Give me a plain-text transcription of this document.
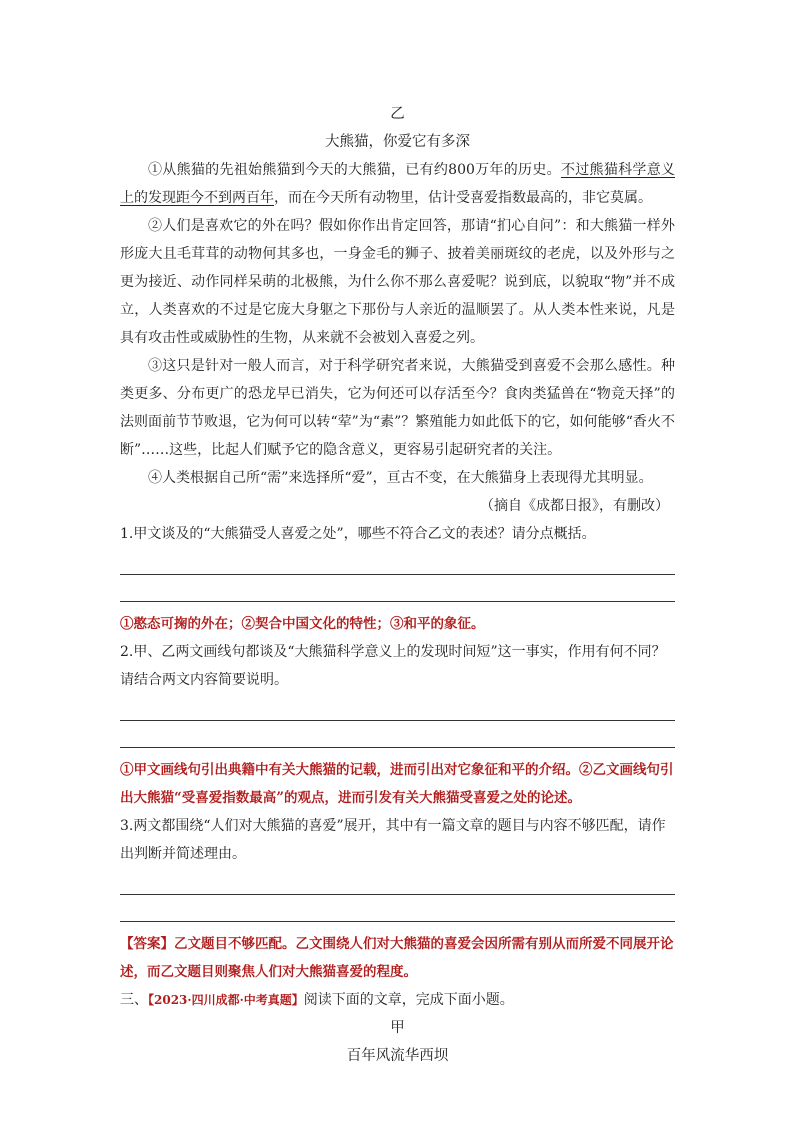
乙
大熊猫，你爱它有多深

①从熊猫的先祖始熊猫到今天的大熊猫，已有约800万年的历史。不过熊猫科学意义上的发现距今不到两百年，而在今天所有动物里，估计受喜爱指数最高的，非它莫属。

②人们是喜欢它的外在吗？假如你作出肯定回答，那请“扪心自问”：和大熊猫一样外形庞大且毛茸茸的动物何其多也，一身金毛的狮子、披着美丽斑纹的老虎，以及外形与之更为接近、动作同样呆萌的北极熊，为什么你不那么喜爱呢？说到底，以貌取“物”并不成立，人类喜欢的不过是它庞大身躯之下那份与人亲近的温顺罢了。从人类本性来说，凡是具有攻击性或威胁性的生物，从来就不会被划入喜爱之列。

③这只是针对一般人而言，对于科学研究者来说，大熊猫受到喜爱不会那么感性。种类更多、分布更广的恐龙早已消失，它为何还可以存活至今？食肉类猛兽在“物竞天择”的法则面前节节败退，它为何可以转“荤”为“素”？繁殖能力如此低下的它，如何能够“香火不断”……这些，比起人们赋予它的隐含意义，更容易引起研究者的关注。

④人类根据自己所“需”来选择所“爱”，亘古不变，在大熊猫身上表现得尤其明显。

（摘自《成都日报》，有删改）

1.甲文谈及的“大熊猫受人喜爱之处”，哪些不符合乙文的表述？请分点概括。

①憨态可掬的外在；②契合中国文化的特性；③和平的象征。

2.甲、乙两文画线句都谈及“大熊猫科学意义上的发现时间短”这一事实，作用有何不同？请结合两文内容简要说明。

①甲文画线句引出典籍中有关大熊猫的记载，进而引出对它象征和平的介绍。②乙文画线句引出大熊猫“受喜爱指数最高”的观点，进而引发有关大熊猫受喜爱之处的论述。

3.两文都围绕“人们对大熊猫的喜爱”展开，其中有一篇文章的题目与内容不够匹配，请作出判断并简述理由。

【答案】乙文题目不够匹配。乙文围绕人们对大熊猫的喜爱会因所需有别从而所爱不同展开论述，而乙文题目则聚焦人们对大熊猫喜爱的程度。

三、【2023·四川成都·中考真题】阅读下面的文章，完成下面小题。

甲
百年风流华西坝
